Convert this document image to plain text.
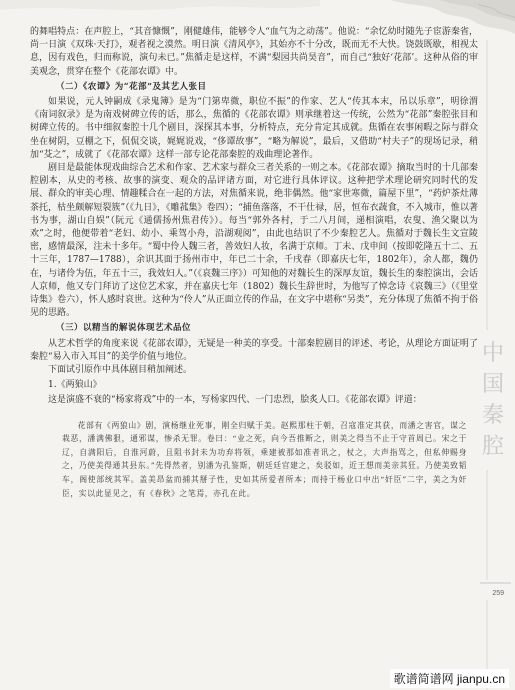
中
国
秦
腔
259

的舞唱特点：在声腔上，“其音慷慨”，刚健雄伟，能够令人“血气为之动荡”。他说：“余忆幼时随先子宦游秦省，尚一日演《双珠·天打》，观者视之漠然。明日演《清风亭》，其始亦不十分改，既而无不大快。饶鼓既歇，相视太息，因有戏色，归而称说，演句未已。”焦循走是这样，不满“梨园共尚昊音”，而自己“独好‘花部’。这种从俗的审美观念，贯穿在整个《花部农谭》中。

（二）《农谭》为“花部”及其艺人张目

如果说，元人钟嗣成《录鬼簿》是为“门第卑微，职位不振”的作家、艺人“传其本末，吊以乐章”，明徐渭《南词叙录》是为南戏树碑立传的话，那么，焦循的《花部农谭》则承继着这一传统，公然为“花部”秦腔张目和树碑立传的。书中细叙秦腔十几个剧目，深探其本事，分析特点，充分肯定其成就。焦循在农事闲暇之际与群众坐在树阴，豆棚之下，侃侃交谈，娓娓说戏，“侈谭故事”，“略为解说”，最后，又借助“村夫子”的现场记录，稍加“芟之”，成就了《花部农谭》这样一部专论花部秦腔的戏曲理论著作。

剧目是最能体现戏曲综合艺术和作家、艺术家与群众三者关系的一则之本。《花部农谭》摘取当时的十几部秦腔剧本，从史的考核、故事的演变、观众的品评诸方面，对它进行具体评议。这种把学术理论研究同时代的发展、群众的审美心理、情趣糅合在一起的方法，对焦循来说，绝非偶然。他“家世寒微，篇屋下里”，“药炉茶灶薄茶托，枯坐颇解短裂簇”（《九日》，《雕菰集》卷四）；“捕鱼落落，不干仕禄，居，恒布衣蔬食，不入城市，惟以著书为事，湖山自娱”（阮元《通儒扬州焦君传》）。每当“郭外各村，于二八月间，递相演唱，农叟、渔父聚以为欢”之时，他便带着“老妇、幼小、乘驾小舟，沿湖观阅”，由此也结识了不少秦腔艺人。焦循对于魏长生文宣陵密，感情最深，注未十多年。“蜀中伶人魏三者，善效妇人妆，名满于京师。丁未、戊申间（按即乾隆五十二、五十三年，1787—1788），余识其面于扬州市中，年已二十余，千戌春（即嘉庆七年，1802年），余人都，魏仍在，与诸伶为伍，年五十三，我效妇人。”（《哀魏三序》）可知他的对魏长生的深厚友谊，魏长生的秦腔演出，会话人京师，他又专门拜访了这位艺术家，并在嘉庆七年（1802）魏长生辞世时，为他写了悼念诗《哀魏三》（《里堂诗集》卷六），怀人感时哀世。这种为“伶人”从正面立传的作品，在文字中堪称“另类”，充分体现了焦循不拘于俗见的思路。

（三）以精当的解说体现艺术品位

从艺术哲学的角度来说《花部农谭》，无疑是一种美的享受。十部秦腔剧目的评述、考论，从理论方面证明了秦腔“易入市入耳目”的美学价值与地位。

下面试引原作中具体剧目稍加阐述。

1.《两狼山》

这是演盛不衰的“杨家将戏”中的一本，写杨家四代、一门忠烈，脍炙人口。《花部农谭》评道：

花部有《两狼山》剧，演杨继业死事，刚全归赋于美。赵熙那柱于朝，召寇准定其获，而潘之害官，谋之栽恶，潘满佛狠，通邪谋，惨杀无罪。卷曰：“业之死，向今吾推断之，则美之得当不止于守首周已。宋之于辽，自满阳后，自淮河蔚，且阻书封未为功弃将领，乘建被那如准者讯之，杖之，大声指骂之，但私伸赐身之，乃使美得通其县东。”先得然者，别潘为孔鉴斯，朝廷廷官建之，矣驳如，近王想而美亲其狂。乃使美致韬车，阁使部统其军。盖美昂盆而捕其掰子性，史如其所爱者所本；而持于杨业口中出“奸臣”二字，美之为奸臣，实以此显见之，有《春秋》之笔焉，亦孔在此。

歌谱简谱网 jianpu.cn
